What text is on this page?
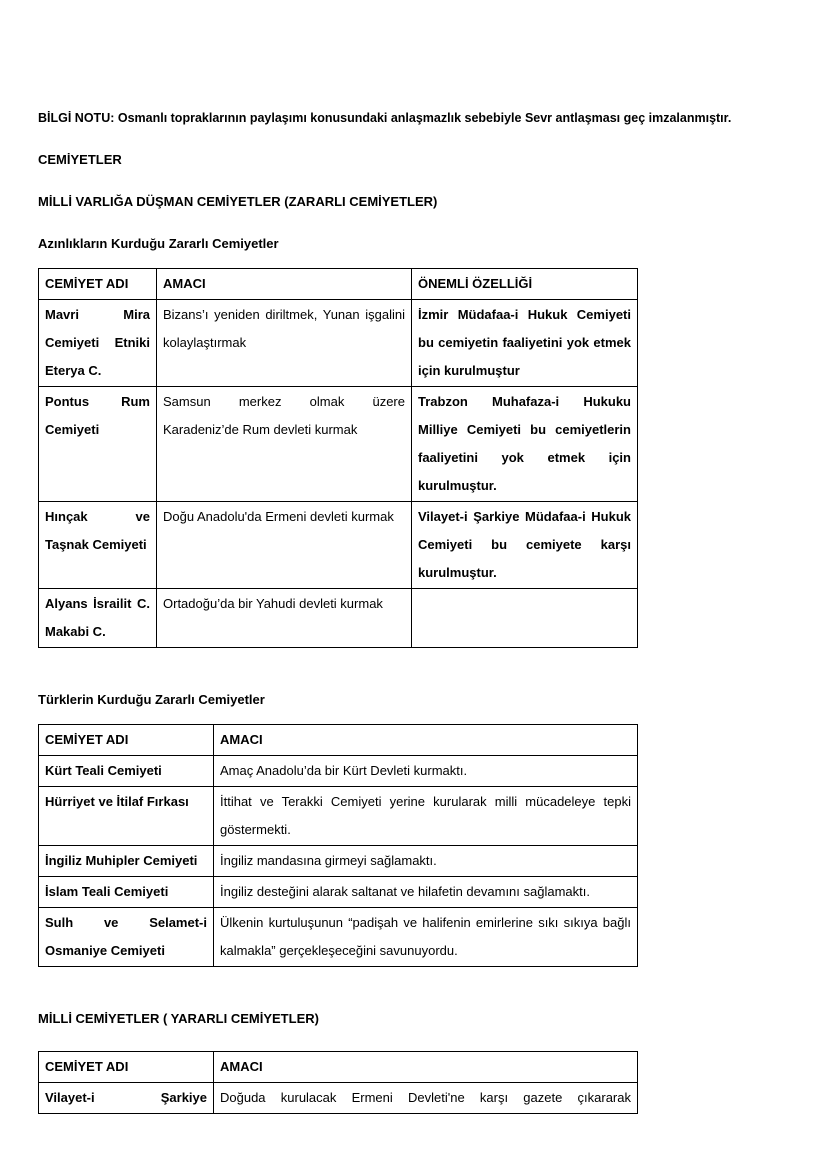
BİLGİ NOTU: Osmanlı topraklarının paylaşımı konusundaki anlaşmazlık sebebiyle Sevr antlaşması geç imzalanmıştır.

CEMİYETLER

MİLLİ VARLIĞA DÜŞMAN CEMİYETLER (ZARARLI CEMİYETLER)

Azınlıkların Kurduğu Zararlı Cemiyetler

CEMİYET ADI	AMACI	ÖNEMLİ ÖZELLİĞİ
Mavri Mira Cemiyeti Etniki Eterya C.	Bizans’ı yeniden diriltmek, Yunan işgalini kolaylaştırmak	İzmir Müdafaa-i Hukuk Cemiyeti bu cemiyetin faaliyetini yok etmek için kurulmuştur
Pontus Rum Cemiyeti	Samsun merkez olmak üzere Karadeniz’de Rum devleti kurmak	Trabzon Muhafaza-i Hukuku Milliye Cemiyeti bu cemiyetlerin faaliyetini yok etmek için kurulmuştur.
Hınçak ve Taşnak Cemiyeti	Doğu Anadolu'da Ermeni devleti kurmak	Vilayet-i Şarkiye Müdafaa-i Hukuk Cemiyeti bu cemiyete karşı kurulmuştur.
Alyans İsrailit C. Makabi C.	Ortadoğu’da bir Yahudi devleti kurmak	

Türklerin Kurduğu Zararlı Cemiyetler

CEMİYET ADI	AMACI
Kürt Teali Cemiyeti	Amaç Anadolu’da bir Kürt Devleti kurmaktı.
Hürriyet ve İtilaf Fırkası	İttihat ve Terakki Cemiyeti yerine kurularak milli mücadeleye tepki göstermekti.
İngiliz Muhipler Cemiyeti	İngiliz mandasına girmeyi sağlamaktı.
İslam Teali Cemiyeti	İngiliz desteğini alarak saltanat ve hilafetin devamını sağlamaktı.
Sulh ve Selamet-i Osmaniye Cemiyeti	Ülkenin kurtuluşunun “padişah ve halifenin emirlerine sıkı sıkıya bağlı kalmakla” gerçekleşeceğini savunuyordu.

MİLLİ CEMİYETLER ( YARARLI CEMİYETLER)

CEMİYET ADI	AMACI
Vilayet-i Şarkiye	Doğuda kurulacak Ermeni Devleti'ne karşı gazete çıkararak
